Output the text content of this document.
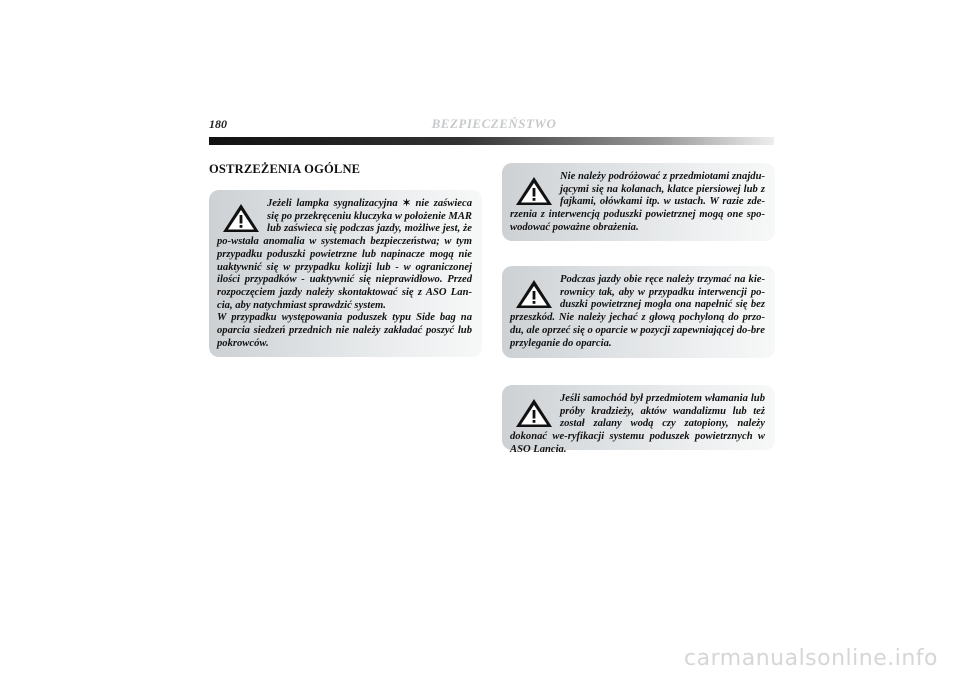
180	BEZPIECZEŃSTWO
OSTRZEŻENIA OGÓLNE

Jeżeli lampka sygnalizacyjna ✶ nie zaświeca się po przekręceniu kluczyka w położenie MAR lub zaświeca się podczas jazdy, możliwe jest, że po-wstała anomalia w systemach bezpieczeństwa; w tym przypadku poduszki powietrzne lub napinacze mogą nie uaktywnić się w przypadku kolizji lub - w ograniczonej ilości przypadków - uaktywnić się nieprawidłowo. Przed rozpoczęciem jazdy należy skontaktować się z ASO Lan-cia, aby natychmiast sprawdzić system.

W przypadku występowania poduszek typu Side bag na oparcia siedzeń przednich nie należy zakładać poszyć lub pokrowców.

Nie należy podróżować z przedmiotami znajdu-jącymi się na kolanach, klatce piersiowej lub z fajkami, ołówkami itp. w ustach. W razie zde-rzenia z interwencją poduszki powietrznej mogą one spo-wodować poważne obrażenia.

Podczas jazdy obie ręce należy trzymać na kie-rownicy tak, aby w przypadku interwencji po-duszki powietrznej mogła ona napełnić się bez przeszkód. Nie należy jechać z głową pochyloną do przo-du, ale oprzeć się o oparcie w pozycji zapewniającej do-bre przyleganie do oparcia.

Jeśli samochód był przedmiotem włamania lub próby kradzieży, aktów wandalizmu lub też został zalany wodą czy zatopiony, należy dokonać we-ryfikacji systemu poduszek powietrznych w ASO Lancia.

carmanualsonline.info
